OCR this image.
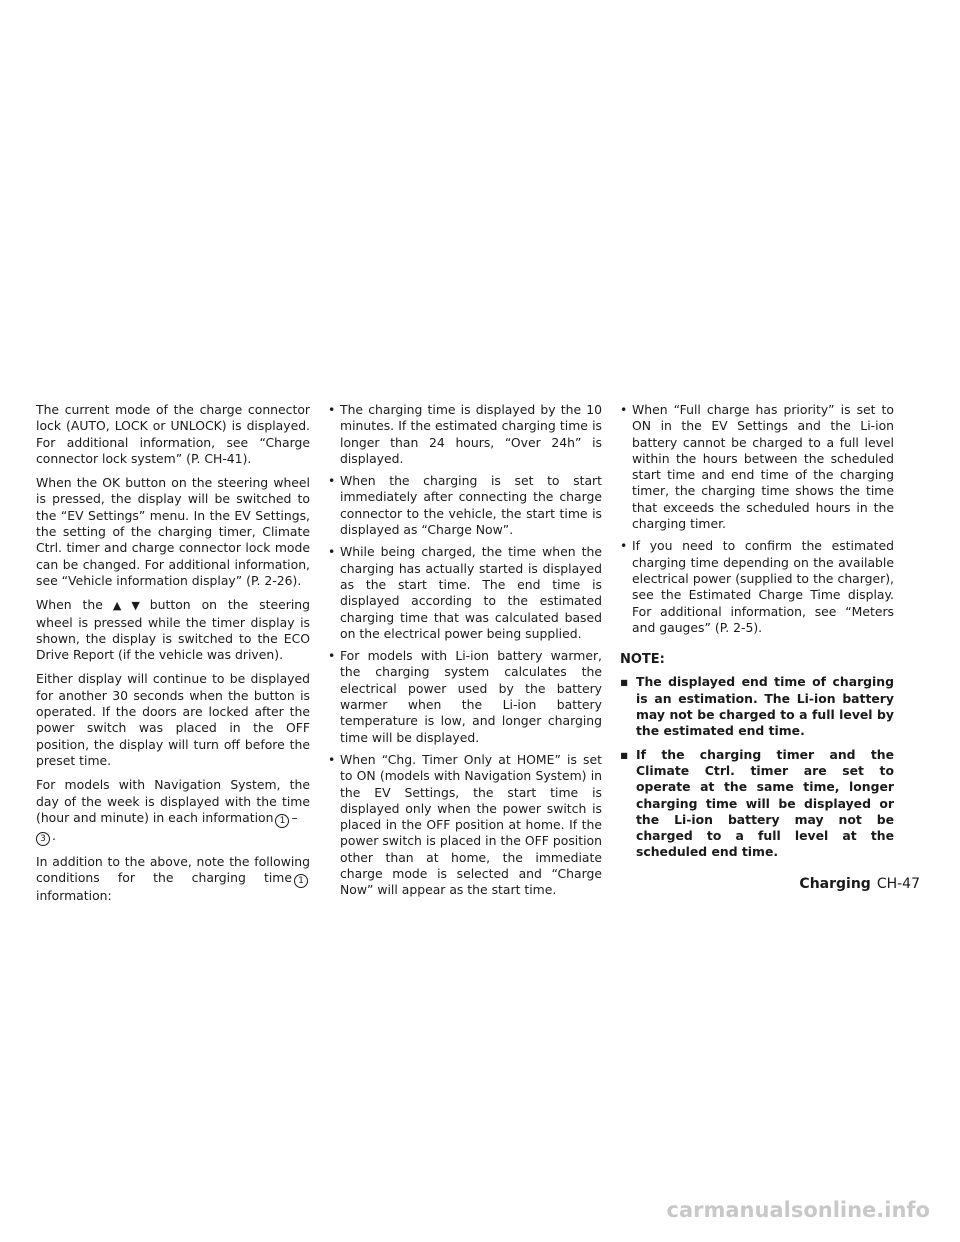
The current mode of the charge connector lock (AUTO, LOCK or UNLOCK) is displayed. For additional information, see “Charge connector lock system” (P. CH-41).

When the OK button on the steering wheel is pressed, the display will be switched to the “EV Settings” menu. In the EV Settings, the setting of the charging timer, Climate Ctrl. timer and charge connector lock mode can be changed. For additional information, see “Vehicle information display” (P. 2-26).

When the ▲ ▼ button on the steering wheel is pressed while the timer display is shown, the display is switched to the ECO Drive Report (if the vehicle was driven).

Either display will continue to be displayed for another 30 seconds when the button is operated. If the doors are locked after the power switch was placed in the OFF position, the display will turn off before the preset time.

For models with Navigation System, the day of the week is displayed with the time (hour and minute) in each information 1 –
3 .

In addition to the above, note the following conditions for the charging time 1information:

• The charging time is displayed by the 10 minutes. If the estimated charging time is longer than 24 hours, “Over 24h” is displayed.
• When the charging is set to start immediately after connecting the charge connector to the vehicle, the start time is displayed as “Charge Now”.
• While being charged, the time when the charging has actually started is displayed as the start time. The end time is displayed according to the estimated charging time that was calculated based on the electrical power being supplied.
• For models with Li-ion battery warmer, the charging system calculates the electrical power used by the battery warmer when the Li-ion battery temperature is low, and longer charging time will be displayed.
• When “Chg. Timer Only at HOME” is set to ON (models with Navigation System) in the EV Settings, the start time is displayed only when the power switch is placed in the OFF position at home. If the power switch is placed in the OFF position other than at home, the immediate charge mode is selected and “Charge Now” will appear as the start time.
• When “Full charge has priority” is set to ON in the EV Settings and the Li-ion battery cannot be charged to a full level within the hours between the scheduled start time and end time of the charging timer, the charging time shows the time that exceeds the scheduled hours in the charging timer.
• If you need to confirm the estimated charging time depending on the available electrical power (supplied to the charger), see the Estimated Charge Time display. For additional information, see “Meters and gauges” (P. 2-5).
NOTE:
▪ The displayed end time of charging is an estimation. The Li-ion battery may not be charged to a full level by the estimated end time.
▪ If the charging timer and the Climate Ctrl. timer are set to operate at the same time, longer charging time will be displayed or the Li-ion battery may not be charged to a full level at the scheduled end time.
Charging CH-47
carmanualsonline.info
